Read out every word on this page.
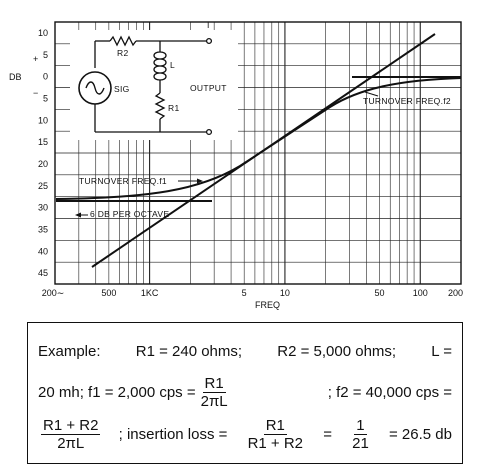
10
5
0
5
10
15
20
25
30
35
40
45
200∼	500	1KC	5	10	50	100 200
DB
+
−
FREQ
TURNOVER FREQ.f1
6 DB PER OCTAVE
TURNOVER FREQ.f2
R2
L
R1
SIG	OUTPUT
I
Example: R1 = 240 ohms; R2 = 5,000 ohms; L =
20 mh; f1 = 2,000 cps = $\frac{R1}{2\pi L}$	; f2 = 40,000 cps =
$\frac{R1 + R2}{2\pi L}$ ; insertion loss = $\frac{R1}{R1 + R2} = \frac{1}{21} = 26.5$ db
